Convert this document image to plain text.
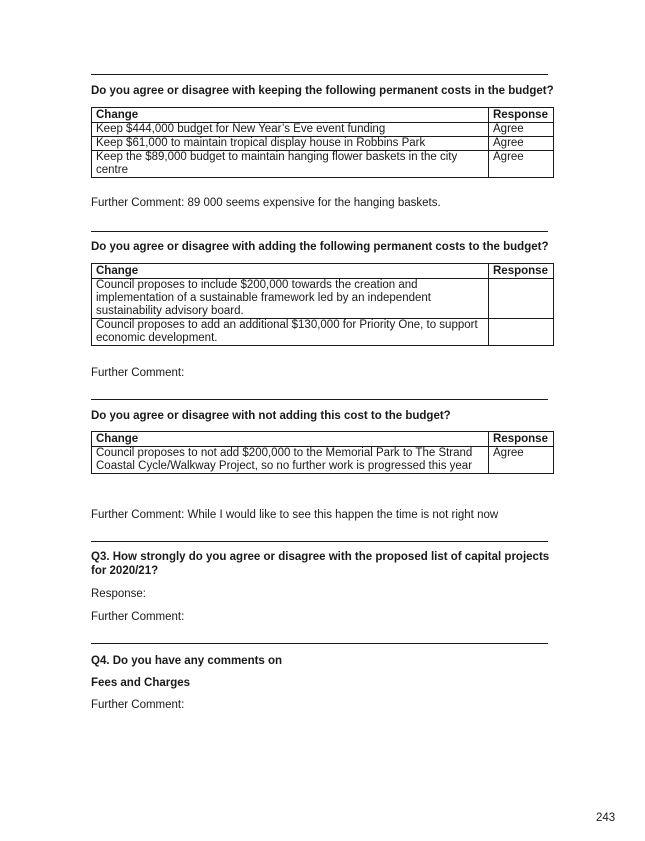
Do you agree or disagree with keeping the following permanent costs in the budget?
Change	Response
Keep $444,000 budget for New Year’s Eve event funding	Agree
Keep $61,000 to maintain tropical display house in Robbins Park	Agree
Keep the $89,000 budget to maintain hanging flower baskets in the city centre	Agree
Further Comment: 89 000 seems expensive for the hanging baskets.
Do you agree or disagree with adding the following permanent costs to the budget?
Change	Response
Council proposes to include $200,000 towards the creation and implementation of a sustainable framework led by an independent sustainability advisory board.	
Council proposes to add an additional $130,000 for Priority One, to support economic development.	
Further Comment:
Do you agree or disagree with not adding this cost to the budget?
Change	Response
Council proposes to not add $200,000 to the Memorial Park to The Strand Coastal Cycle/Walkway Project, so no further work is progressed this year	Agree
Further Comment: While I would like to see this happen the time is not right now
Q3. How strongly do you agree or disagree with the proposed list of capital projects for 2020/21?
Response:
Further Comment:
Q4. Do you have any comments on
Fees and Charges
Further Comment:
243
